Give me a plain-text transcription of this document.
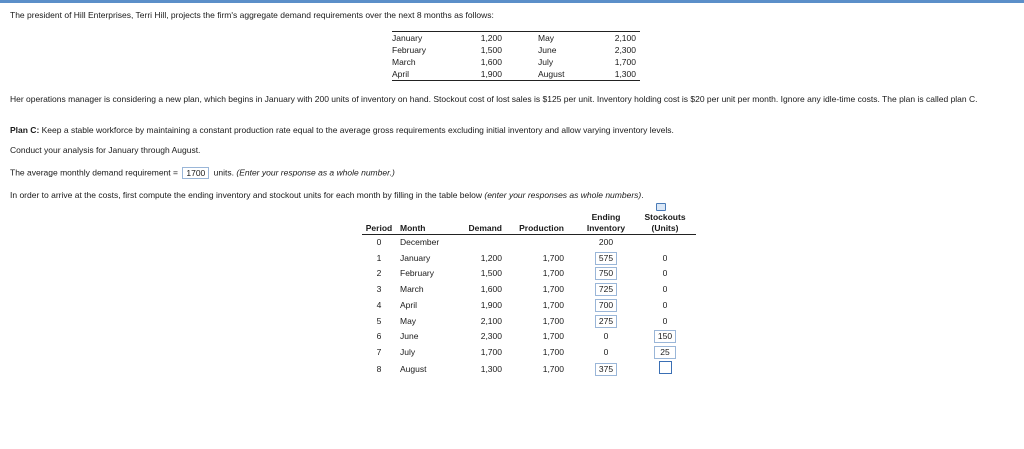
The president of Hill Enterprises, Terri Hill, projects the firm's aggregate demand requirements over the next 8 months as follows:
January	1,200	May	2,100
February	1,500	June	2,300
March	1,600	July	1,700
April	1,900	August	1,300
Her operations manager is considering a new plan, which begins in January with 200 units of inventory on hand. Stockout cost of lost sales is $125 per unit. Inventory holding cost is $20 per unit per month. Ignore any idle-time costs. The plan is called plan C.
Plan C: Keep a stable workforce by maintaining a constant production rate equal to the average gross requirements excluding initial inventory and allow varying inventory levels.
Conduct your analysis for January through August.
The average monthly demand requirement = 1700 units. (Enter your response as a whole number.)
In order to arrive at the costs, first compute the ending inventory and stockout units for each month by filling in the table below (enter your responses as whole numbers).
				Ending	Stockouts
Period	Month	Demand	Production	Inventory	(Units)
0	December			200	
1	January	1,200	1,700	575	0
2	February	1,500	1,700	750	0
3	March	1,600	1,700	725	0
4	April	1,900	1,700	700	0
5	May	2,100	1,700	275	0
6	June	2,300	1,700	0	150
7	July	1,700	1,700	0	25
8	August	1,300	1,700	375	
